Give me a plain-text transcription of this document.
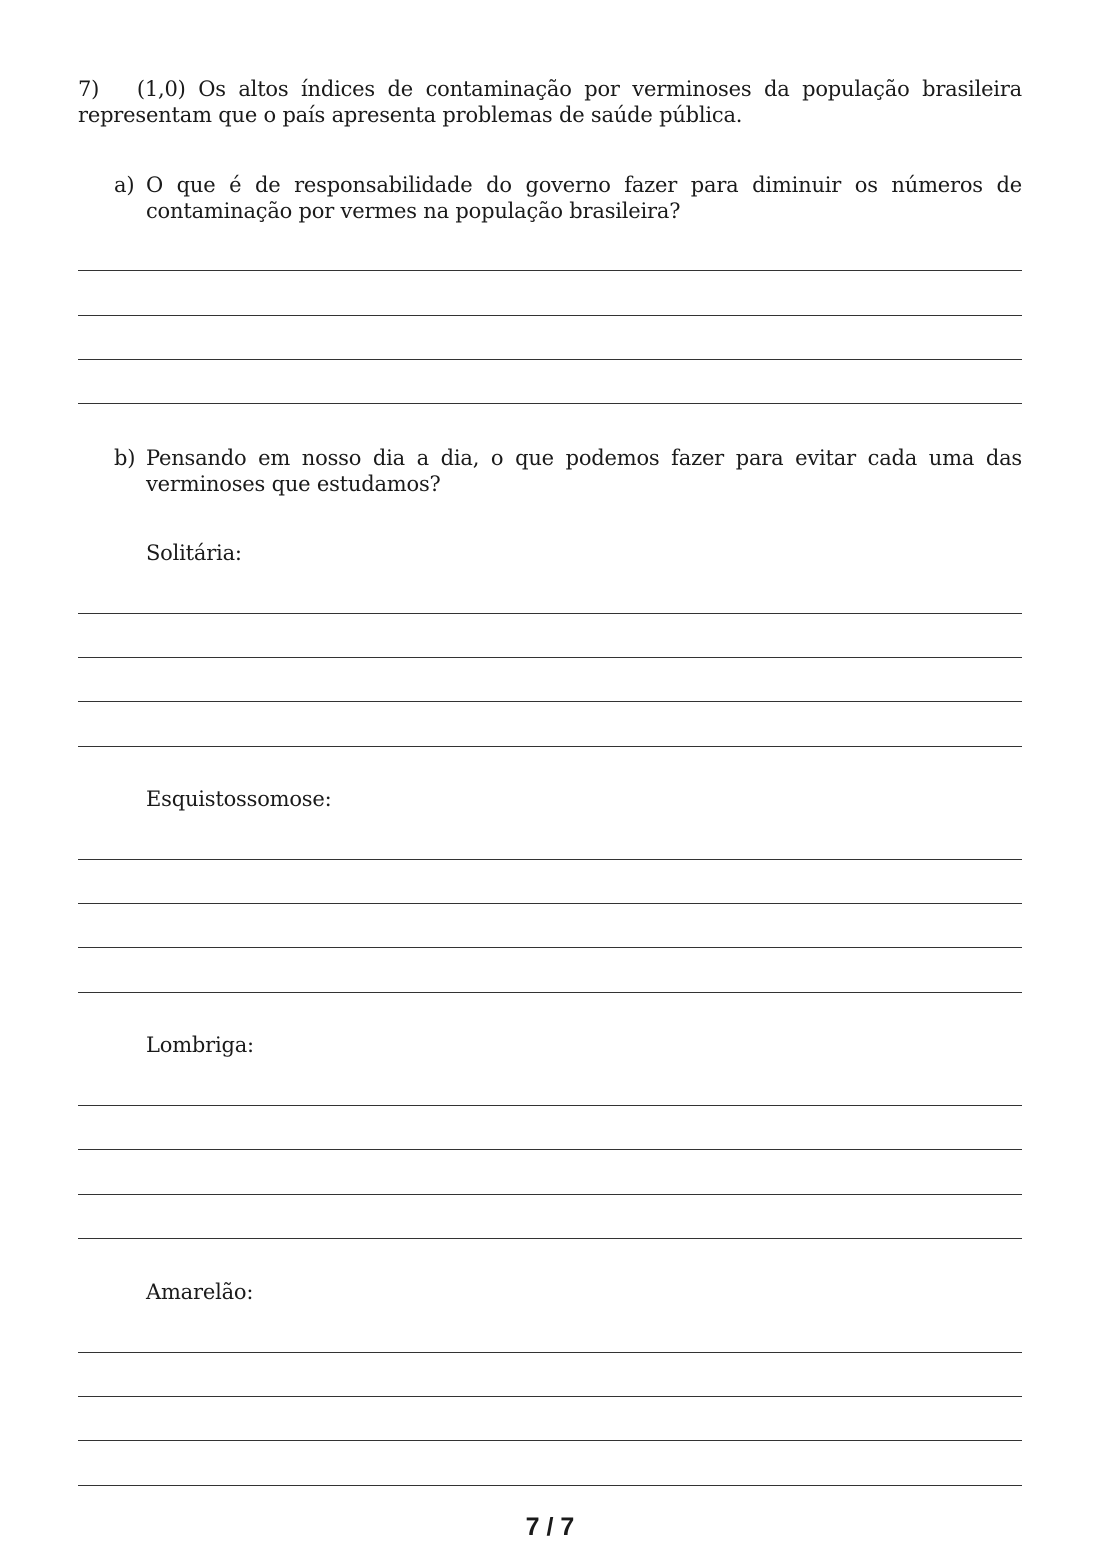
7) (1,0) Os altos índices de contaminação por verminoses da população brasileira representam que o país apresenta problemas de saúde pública.

a) O que é de responsabilidade do governo fazer para diminuir os números de contaminação por vermes na população brasileira?

b) Pensando em nosso dia a dia, o que podemos fazer para evitar cada uma das verminoses que estudamos?

Solitária:
Esquistossomose:
Lombriga:
Amarelão:
7 / 7
